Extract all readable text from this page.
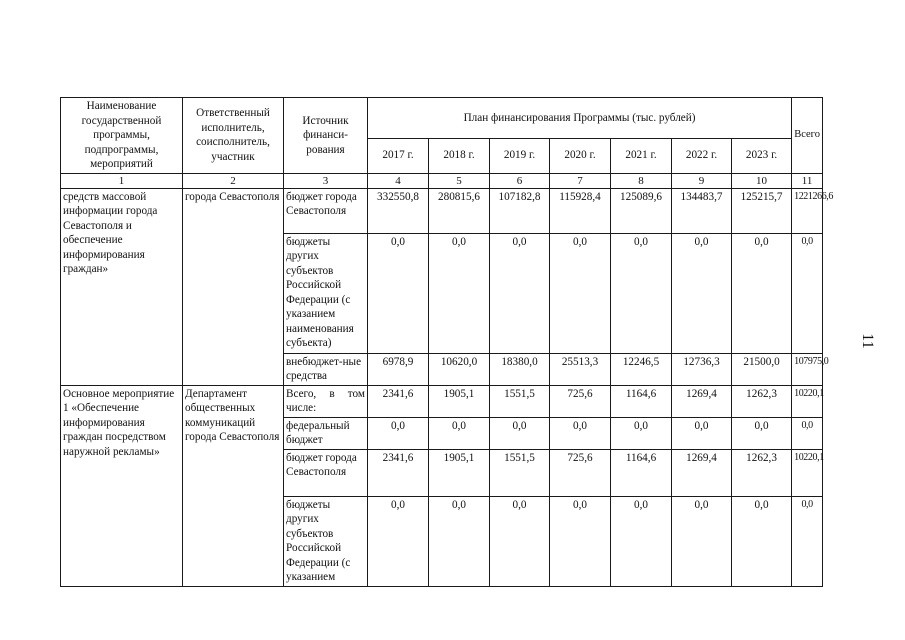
Наименование государственной программы, подпрограммы, мероприятий	Ответственный исполнитель, соисполнитель, участник	Источник финанси-рования	План финансирования Программы (тыс. рублей)							Всего
			2017 г.	2018 г.	2019 г.	2020 г.	2021 г.	2022 г.	2023 г.	
1	2	3	4	5	6	7	8	9	10	11
средств массовой информации города Севастополя и обеспечение информирования граждан»	города Севастополя	бюджет города Севастополя	332550,8	280815,6	107182,8	115928,4	125089,6	134483,7	125215,7	1221266,6
		бюджеты других субъектов Российской Федерации (с указанием наименования субъекта)	0,0	0,0	0,0	0,0	0,0	0,0	0,0	0,0
		внебюджет-ные средства	6978,9	10620,0	18380,0	25513,3	12246,5	12736,3	21500,0	107975,0
Основное мероприятие 1 «Обеспечение информирования граждан посредством наружной рекламы»	Департамент общественных коммуникаций города Севастополя	Всего, в том числе:	2341,6	1905,1	1551,5	725,6	1164,6	1269,4	1262,3	10220,1
		федеральный бюджет	0,0	0,0	0,0	0,0	0,0	0,0	0,0	0,0
		бюджет города Севастополя	2341,6	1905,1	1551,5	725,6	1164,6	1269,4	1262,3	10220,1
		бюджеты других субъектов Российской Федерации (с указанием	0,0	0,0	0,0	0,0	0,0	0,0	0,0	0,0
11
